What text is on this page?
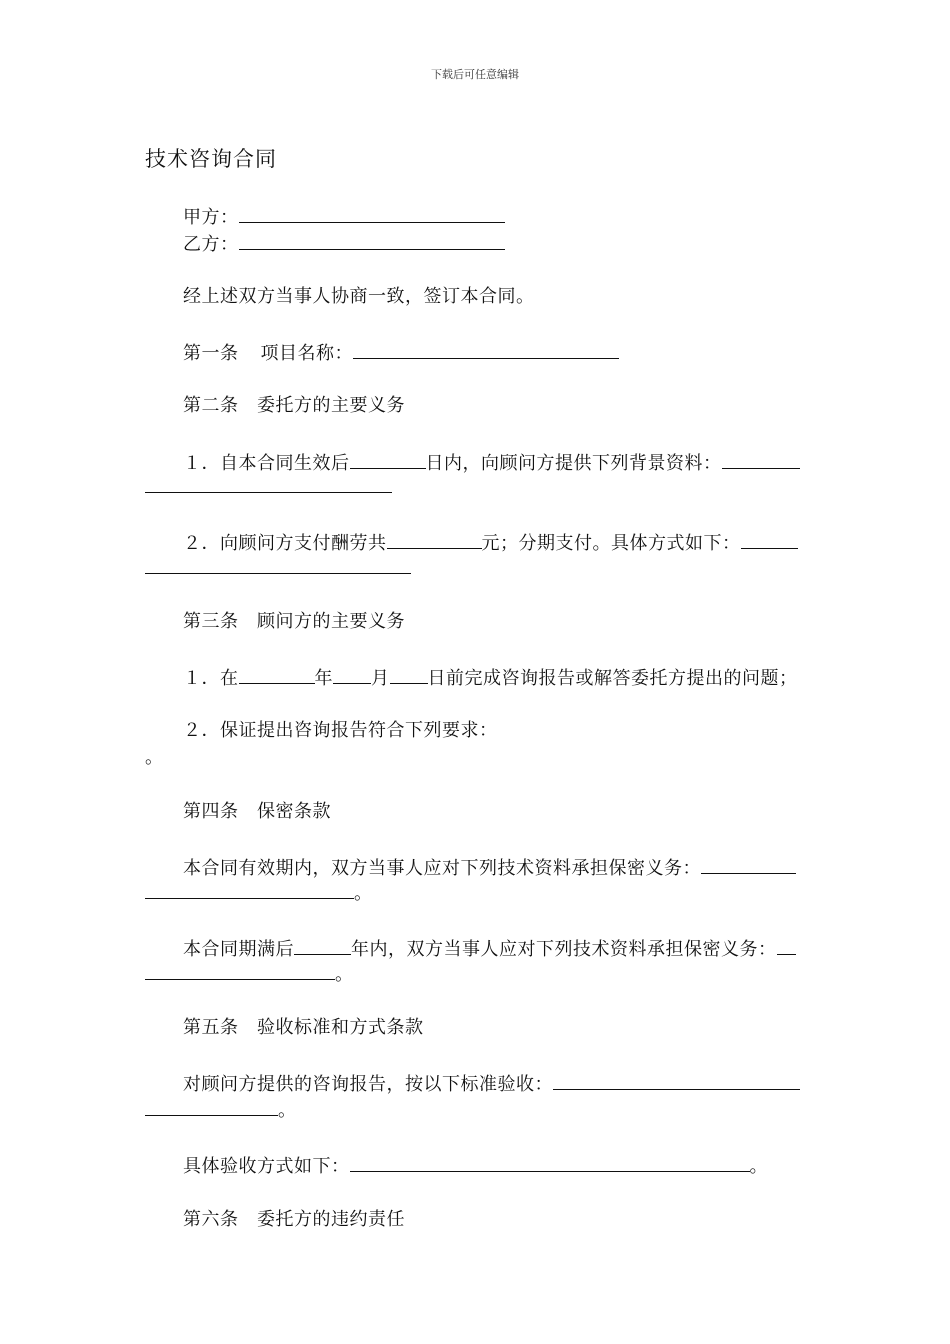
下载后可任意编辑
技术咨询合同
甲方：
乙方：
经上述双方当事人协商一致，签订本合同。
第一条 项目名称：
第二条　委托方的主要义务
１．自本合同生效后	日内，向顾问方提供下列背景资料：
２．向顾问方支付酬劳共	元；分期支付。具体方式如下：
第三条　顾问方的主要义务
１．在	年 月 日前完成咨询报告或解答委托方提出的问题；
２．保证提出咨询报告符合下列要求：
。
第四条　保密条款
本合同有效期内，双方当事人应对下列技术资料承担保密义务：
。
本合同期满后	年内，双方当事人应对下列技术资料承担保密义务：
。
第五条　验收标准和方式条款
对顾问方提供的咨询报告，按以下标准验收：
。
具体验收方式如下：	。
第六条　委托方的违约责任
